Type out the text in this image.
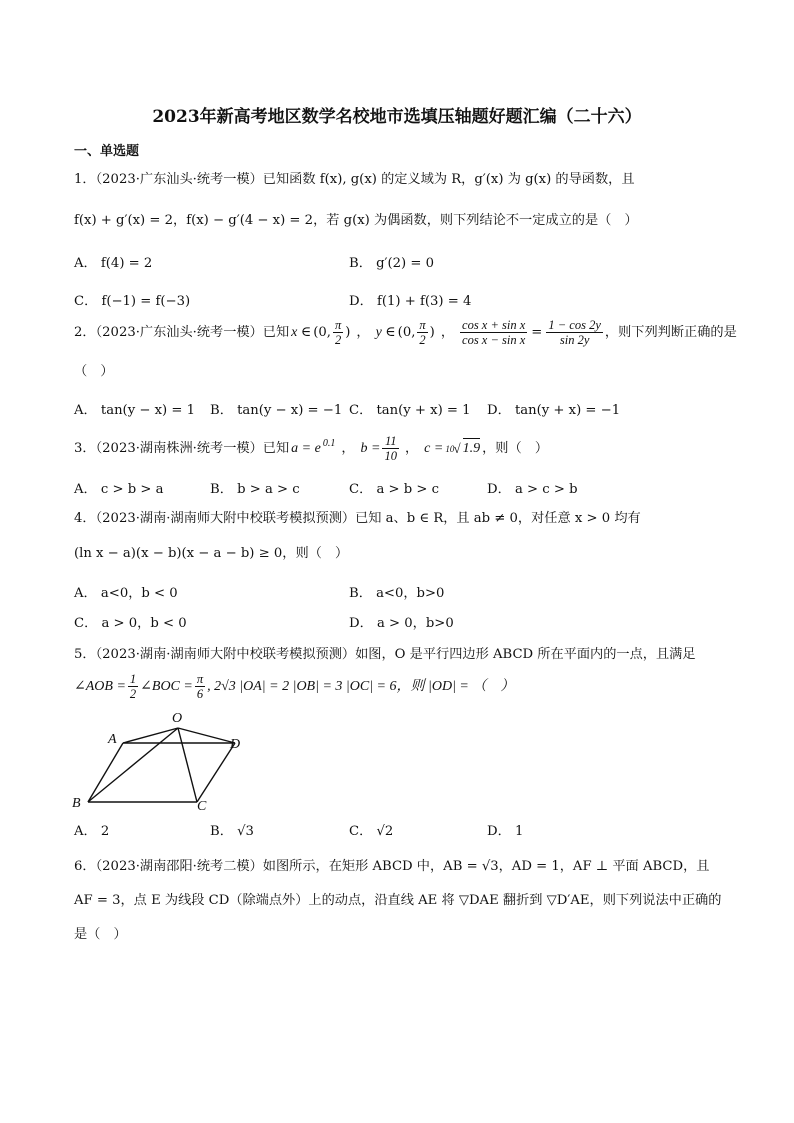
2023年新高考地区数学名校地市选填压轴题好题汇编（二十六）
一、单选题
1．（2023·广东汕头·统考一模）已知函数 f(x), g(x) 的定义域为 R，g′(x) 为 g(x) 的导函数，且
f(x) + g′(x) = 2，f(x) − g′(4 − x) = 2，若 g(x) 为偶函数，则下列结论不一定成立的是（　）
A． f(4) = 2	B． g′(2) = 0
C． f(−1) = f(−3)	D． f(1) + f(3) = 4
2．（2023·广东汕头·统考一模）已知 x ∈ (0, $\frac{\pi}{2}$ ) ， y ∈ (0, $\frac{\pi}{2}$ ) ， $\frac{\text{cos x + sin x}}{\text{cos x − sin x}} = \frac{1 - \cos 2y}{\sin 2y}$ ，则下列判断正确的是
（　）
A． tan(y − x) = 1 B． tan(y − x) = −1 C． tan(y + x) = 1 D． tan(y + x) = −1
3．（2023·湖南株洲·统考一模）已知 $a = e^{0.1}$ ， $b = \frac{11}{10}$ ， c = 10 √ 1.9 ，则（　）
A． c > b > a	B． b > a > c	C． a > b > c	D． a > c > b
4．（2023·湖南·湖南师大附中校联考模拟预测）已知 a、b ∈ R，且 ab ≠ 0，对任意 x > 0 均有
(ln x − a)(x − b)(x − a − b) ≥ 0，则（　）
A． a<0，b < 0	B． a<0，b>0
C． a > 0，b < 0	D． a > 0，b>0
5．（2023·湖南·湖南师大附中校联考模拟预测）如图，O 是平行四边形 ABCD 所在平面内的一点，且满足
∠AOB = $\frac{1}{2}$ ∠BOC = $\frac{\pi}{6}$ , 2√3 |OA| = 2 |OB| = 3 |OC| = 6，则 |OD| = （　）
O
A
B	C
D
A． 2	B． √3	C． √2	D． 1
6．（2023·湖南邵阳·统考二模）如图所示，在矩形 ABCD 中，AB = √3，AD = 1，AF ⊥ 平面 ABCD，且
AF = 3，点 E 为线段 CD（除端点外）上的动点，沿直线 AE 将 ▽DAE 翻折到 ▽D′AE，则下列说法中正确的
是（　）
